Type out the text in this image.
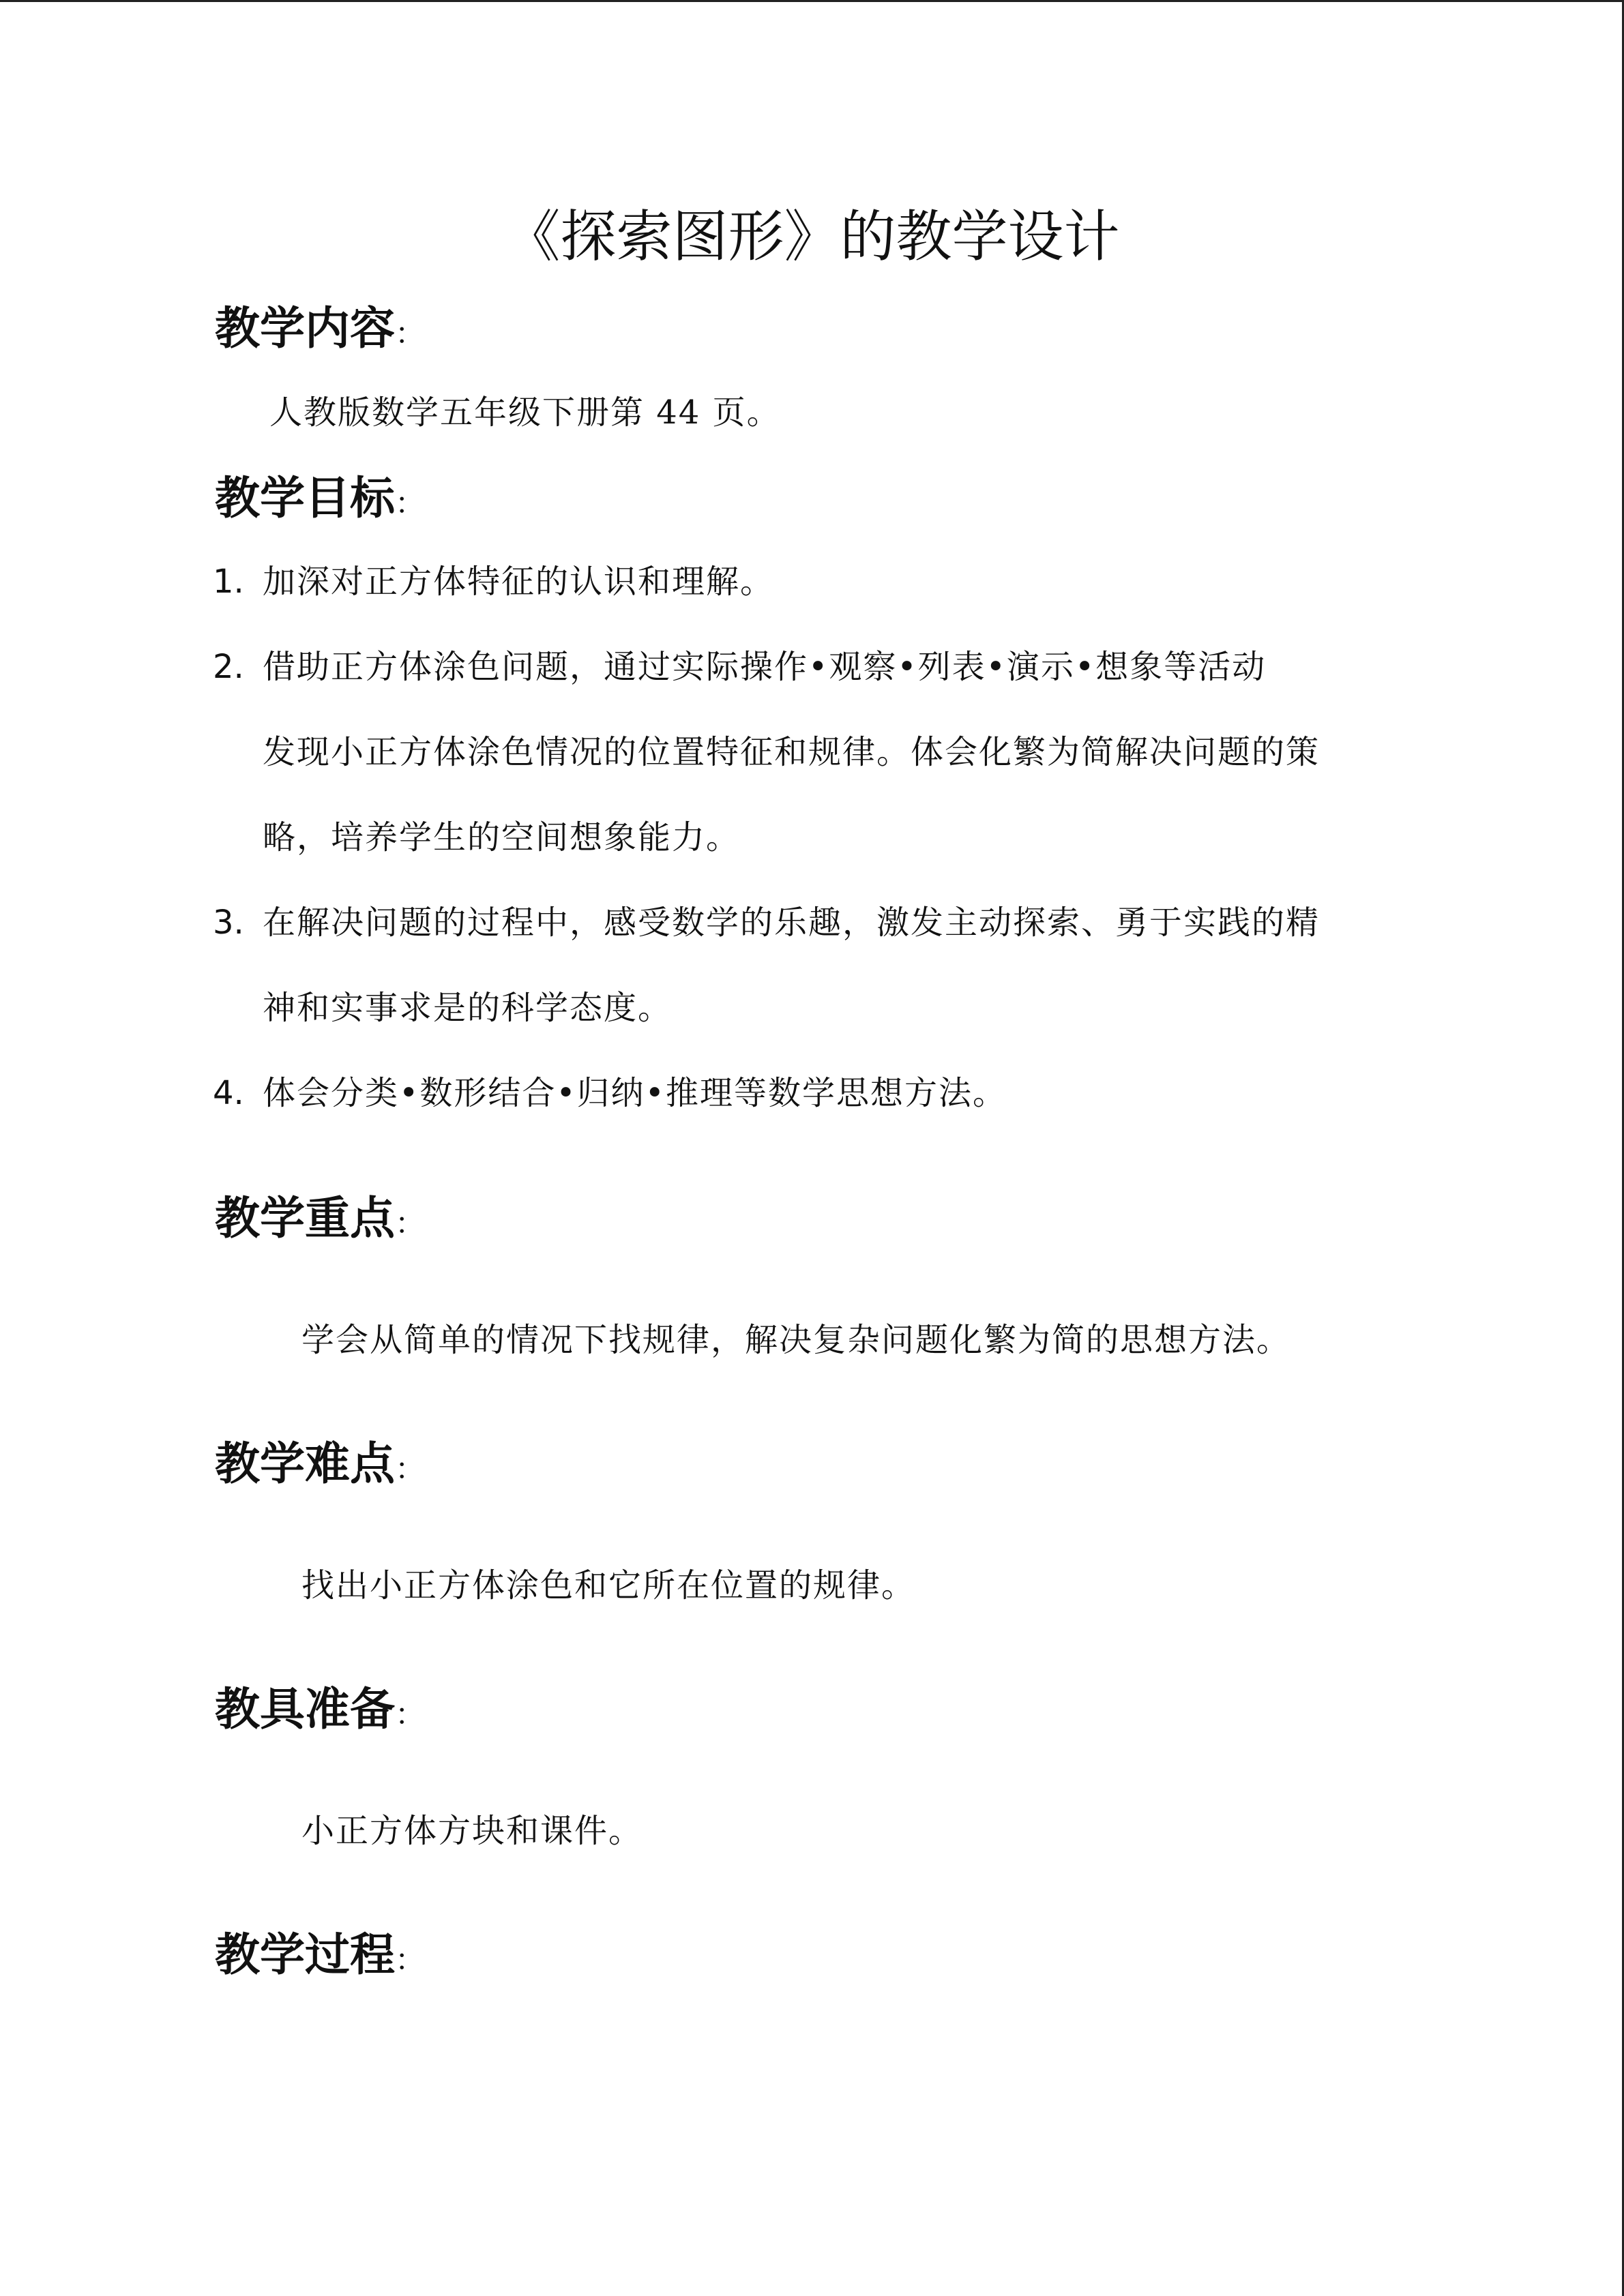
《探索图形》的教学设计
教学内容：
人教版数学五年级下册第 44 页。
教学目标：
1. 加深对正方体特征的认识和理解。
2. 借助正方体涂色问题，通过实际操作•观察•列表•演示•想象等活动
发现小正方体涂色情况的位置特征和规律。体会化繁为简解决问题的策
略，培养学生的空间想象能力。
3. 在解决问题的过程中，感受数学的乐趣，激发主动探索、勇于实践的精
神和实事求是的科学态度。
4. 体会分类•数形结合•归纳•推理等数学思想方法。
教学重点：
学会从简单的情况下找规律，解决复杂问题化繁为简的思想方法。
教学难点：
找出小正方体涂色和它所在位置的规律。
教具准备：
小正方体方块和课件。
教学过程：
